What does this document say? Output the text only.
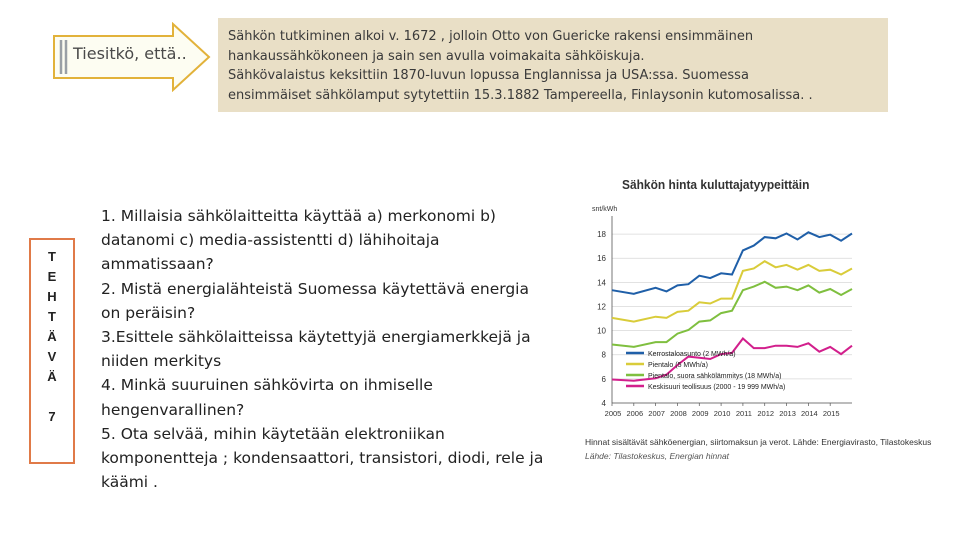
Tiesitkö, että..
Sähkön tutkiminen alkoi v. 1672 , jolloin Otto von Guericke rakensi ensimmäinen
hankaussähkökoneen ja sain sen avulla voimakaita sähköiskuja.
Sähkövalaistus keksittiin 1870-luvun lopussa Englannissa ja USA:ssa. Suomessa
ensimmäiset sähkölamput sytytettiin 15.3.1882 Tampereella, Finlaysonin kutomosalissa. .
T
E
H
T
Ä
V
Ä
7
1. Millaisia sähkölaitteitta käyttää a) merkonomi b) datanomi c) media-assistentti d) lähihoitaja ammatissaan?
2. Mistä energialähteistä Suomessa käytettävä energia on peräisin?
3.Esittele sähkölaitteissa käytettyjä energiamerkkejä ja niiden merkitys
4. Minkä suuruinen sähkövirta on ihmiselle hengenvarallinen?
5. Ota selvää, mihin käytetään elektroniikan komponentteja ; kondensaattori, transistori, diodi, rele ja käämi .
Sähkön hinta kuluttajatyypeittäin
4
6
8
10
12
14
16
18
snt/kWh
2005 2006 2007 2008 2009 2010 2011 2012 2013 2014 2015
Kerrostaloasunto (2 MWh/a)
Pientalo (5 MWh/a)
Pientalo, suora sähkölämmitys (18 MWh/a)
Keskisuuri teollisuus (2000 - 19 999 MWh/a)
Hinnat sisältävät sähköenergian, siirtomaksun ja verot. Lähde: Energiavirasto, Tilastokeskus
Lähde: Tilastokeskus, Energian hinnat
